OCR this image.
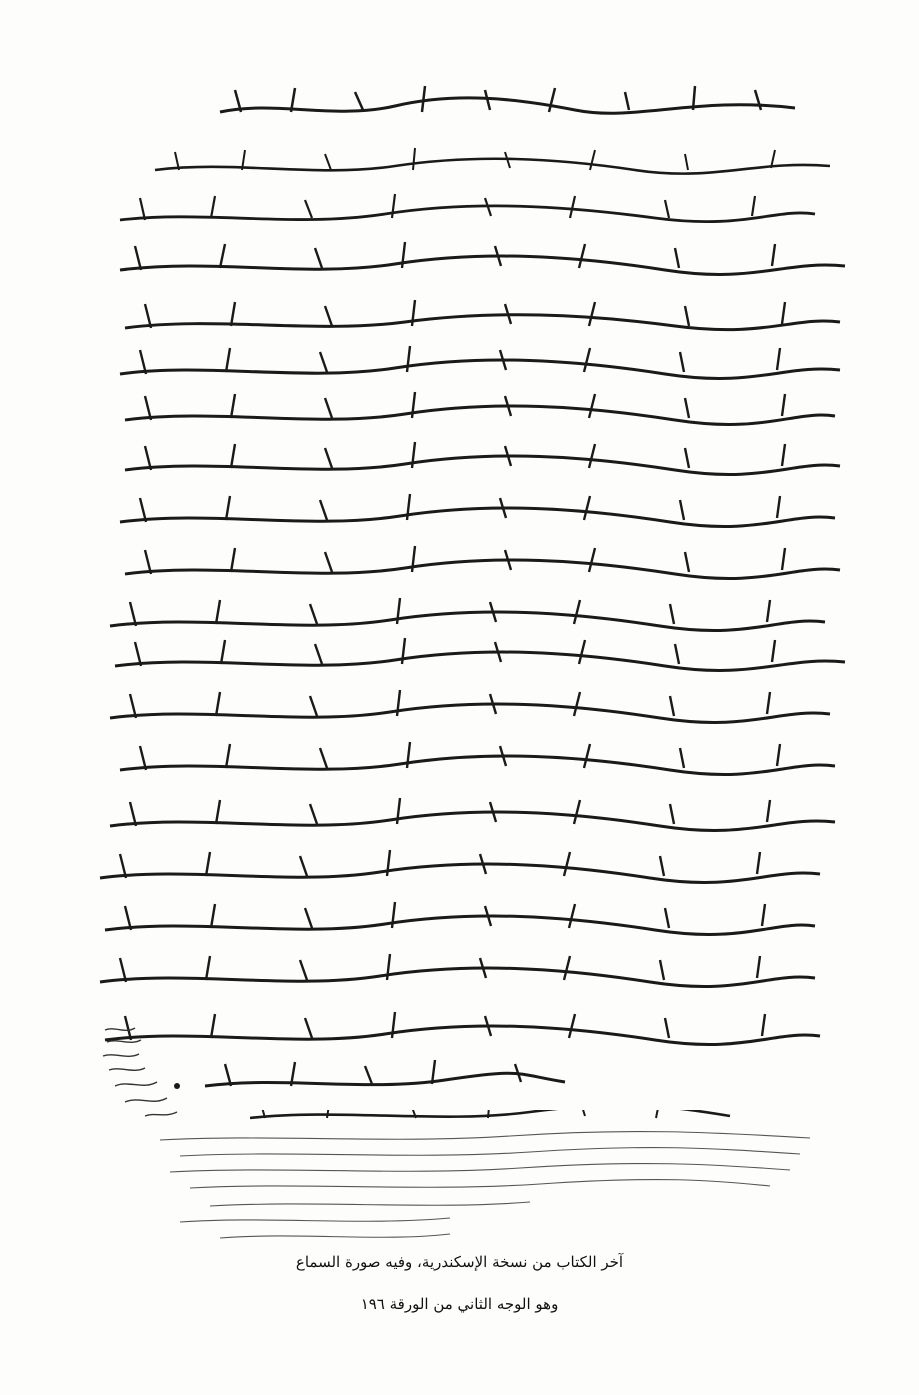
آخر الكتاب من نسخة الإسكندرية، وفيه صورة السماع
وهو الوجه الثاني من الورقة ١٩٦
